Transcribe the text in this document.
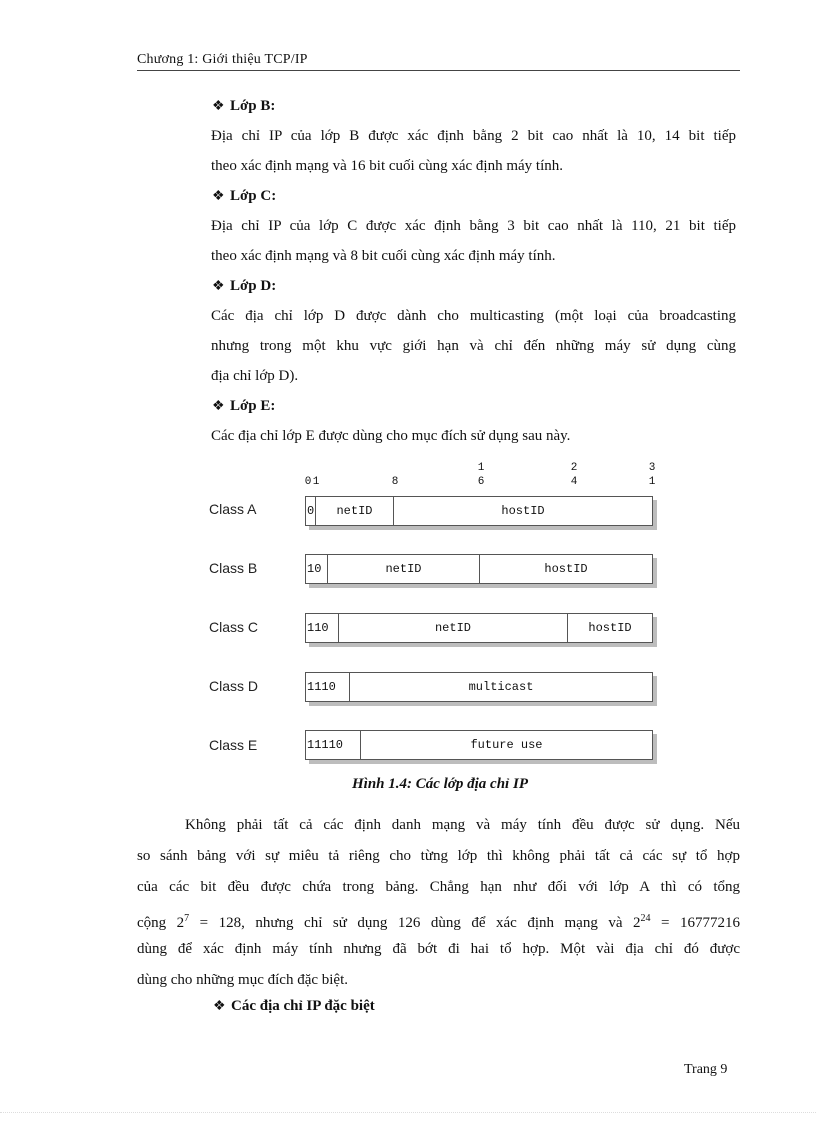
Chương 1: Giới thiệu TCP/IP
❖ Lớp B:
Địa chỉ IP của lớp B được xác định bằng 2 bit cao nhất là 10, 14 bit tiếp
theo xác định mạng và 16 bit cuối cùng xác định máy tính.
❖ Lớp C:
Địa chỉ IP của lớp C được xác định bằng 3 bit cao nhất là 110, 21 bit tiếp
theo xác định mạng và 8 bit cuối cùng xác định máy tính.
❖ Lớp D:
Các địa chỉ lớp D được dành cho multicasting (một loại của broadcasting
nhưng trong một khu vực giới hạn và chỉ đến những máy sử dụng cùng
địa chỉ lớp D).
❖ Lớp E:
Các địa chỉ lớp E được dùng cho mục đích sử dụng sau này.
0 1	8
1
6
2
4
3
1
Class A	0	netID	hostID
Class B	10	netID	hostID
Class C	110	netID	hostID
Class D	1110	multicast
Class E	11110	future use
Hình 1.4: Các lớp địa chỉ IP
Không phải tất cả các định danh mạng và máy tính đều được sử dụng. Nếu
so sánh bảng với sự miêu tả riêng cho từng lớp thì không phải tất cả các sự tổ hợp
của các bit đều được chứa trong bảng. Chẳng hạn như đối với lớp A thì có tổng
cộng $2^7 = 128$, nhưng chỉ sử dụng 126 dùng để xác định mạng và $2^{24} = 16777216$
dùng để xác định máy tính nhưng đã bớt đi hai tổ hợp. Một vài địa chỉ đó được
dùng cho những mục đích đặc biệt.
❖ Các địa chỉ IP đặc biệt
Trang 9
